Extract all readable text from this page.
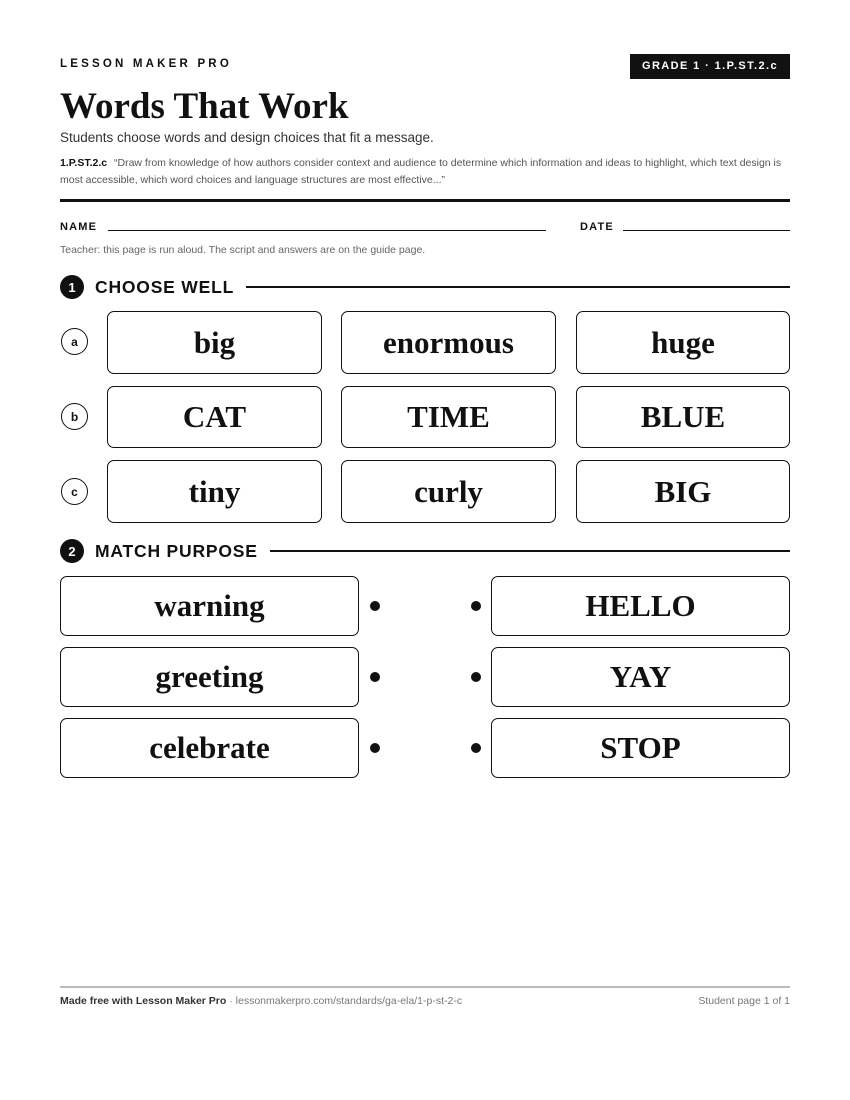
LESSON MAKER PRO	GRADE 1 · 1.P.ST.2.c
Words That Work
Students choose words and design choices that fit a message.
1.P.ST.2.c “Draw from knowledge of how authors consider context and audience to determine which information and ideas to highlight, which text design is most accessible, which word choices and language structures are most effective...”
NAME	DATE
Teacher: this page is run aloud. The script and answers are on the guide page.
1	CHOOSE WELL
a	big	enormous	huge
b	CAT	TIME	BLUE
c	tiny	curly	BIG
2	MATCH PURPOSE
warning	HELLO
greeting	YAY
celebrate	STOP
Made free with Lesson Maker Pro · lessonmakerpro.com/standards/ga-ela/1-p-st-2-c	Student page 1 of 1
